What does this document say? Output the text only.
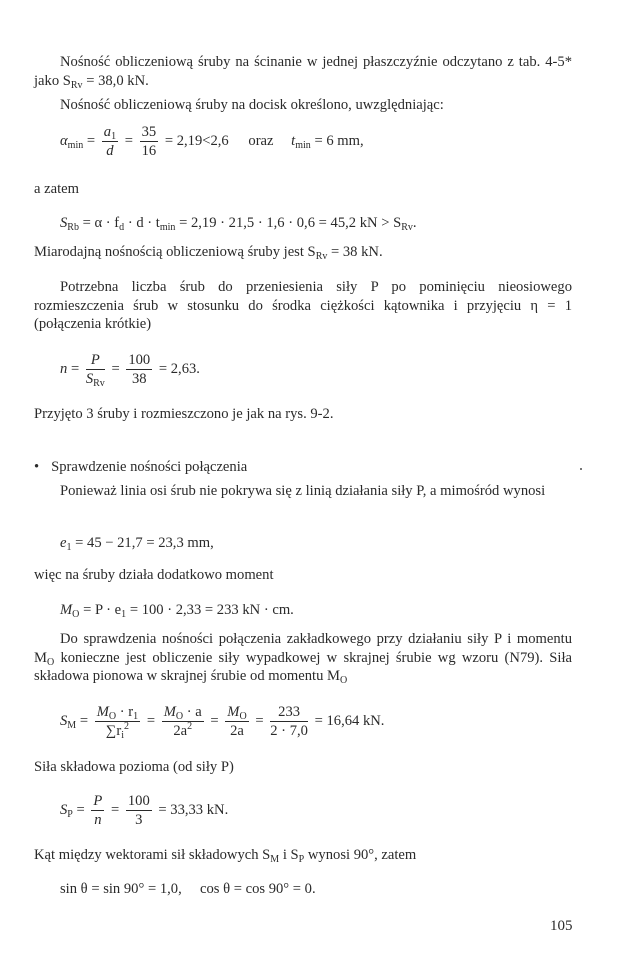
Nośność obliczeniową śruby na ścinanie w jednej płaszczyźnie odczytano z tab. 4-5* jako $S_{Rv} = 38,0$ kN.

Nośność obliczeniową śruby na docisk określono, uwzględniając:

$\alpha_{min} = \frac{a_1}{d} = \frac{35}{16} = 2,19<2,6$ oraz $t_{min} = 6$ mm,

a zatem

$S_{Rb} = \alpha \cdot f_d \cdot d \cdot t_{min} = 2,19 \cdot 21,5 \cdot 1,6 \cdot 0,6 = 45,2$ kN > $S_{Rv}$.

Miarodajną nośnością obliczeniową śruby jest $S_{Rv} = 38$ kN.

Potrzebna liczba śrub do przeniesienia siły P po pominięciu nieosiowego rozmieszczenia śrub w stosunku do środka ciężkości kątownika i przyjęciu η = 1 (połączenia krótkie)

$n = \frac{P}{S_{Rv}} = \frac{100}{38} = 2,63$.

Przyjęto 3 śruby i rozmieszczono je jak na rys. 9-2.

• Sprawdzenie nośności połączenia

Ponieważ linia osi śrub nie pokrywa się z linią działania siły P, a mimośród wynosi

$e_1 = 45 - 21,7 = 23,3$ mm,

więc na śruby działa dodatkowo moment

$M_O = P \cdot e_1 = 100 \cdot 2,33 = 233$ kN · cm.

Do sprawdzenia nośności połączenia zakładkowego przy działaniu siły P i momentu $M_O$ konieczne jest obliczenie siły wypadkowej w skrajnej śrubie wg wzoru (N79). Siła składowa pionowa w skrajnej śrubie od momentu $M_O$

$S_M = \frac{M_O \cdot r_1}{\sum r_i^2} = \frac{M_O \cdot a}{2a^2} = \frac{M_O}{2a} = \frac{233}{2 \cdot 7,0} = 16,64$ kN.

Siła składowa pozioma (od siły P)

$S_P = \frac{P}{n} = \frac{100}{3} = 33,33$ kN.

Kąt między wektorami sił składowych $S_M$ i $S_P$ wynosi 90°, zatem

sin θ = sin 90° = 1,0,     cos θ = cos 90° = 0.
105
